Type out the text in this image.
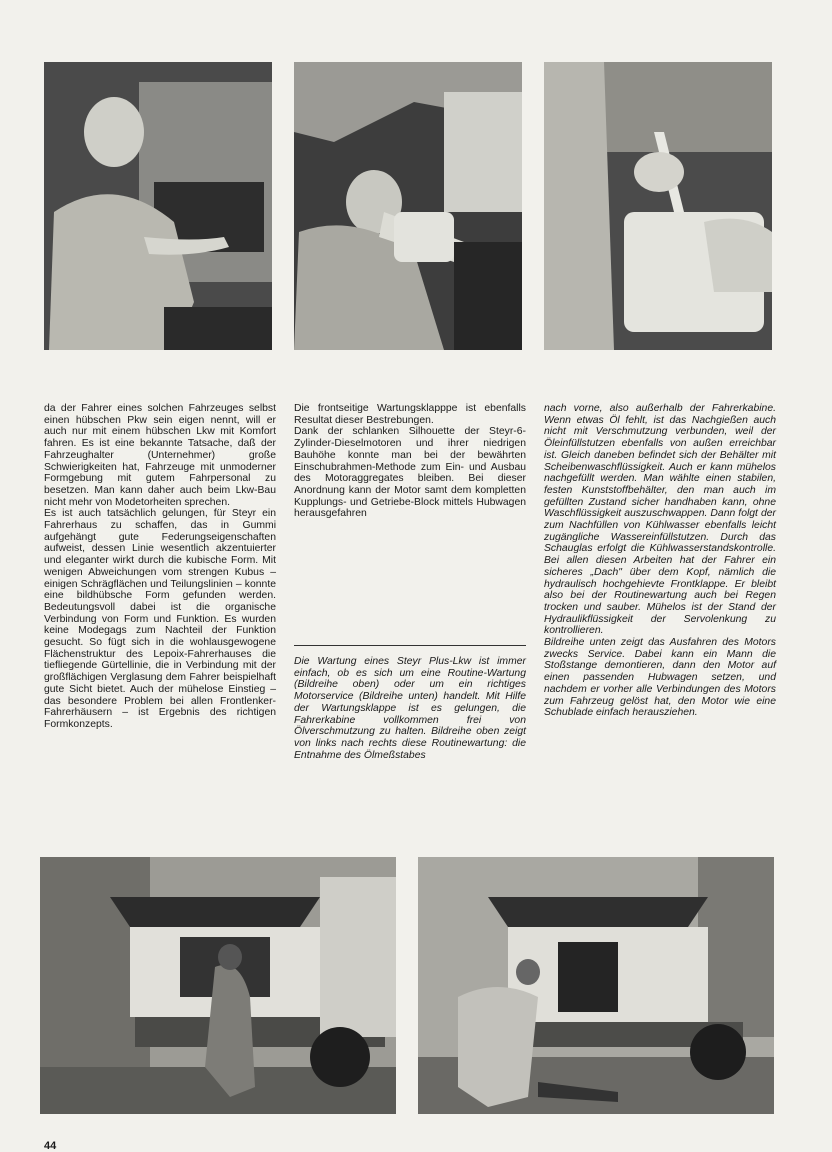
da der Fahrer eines solchen Fahrzeuges selbst einen hübschen Pkw sein eigen nennt, will er auch nur mit einem hübschen Lkw mit Komfort fahren. Es ist eine bekannte Tatsache, daß der Fahrzeughalter (Unternehmer) große Schwierigkeiten hat, Fahrzeuge mit unmoderner Formgebung mit gutem Fahrpersonal zu besetzen. Man kann daher auch beim Lkw-Bau nicht mehr von Modetorheiten sprechen.

Es ist auch tatsächlich gelungen, für Steyr ein Fahrerhaus zu schaffen, das in Gummi aufgehängt gute Federungseigenschaften aufweist, dessen Linie wesentlich akzentuierter und eleganter wirkt durch die kubische Form. Mit wenigen Abweichungen vom strengen Kubus – einigen Schrägflächen und Teilungslinien – konnte eine bildhübsche Form gefunden werden. Bedeutungsvoll dabei ist die organische Verbindung von Form und Funktion. Es wurden keine Modegags zum Nachteil der Funktion gesucht. So fügt sich in die wohlausgewogene Flächenstruktur des Lepoix-Fahrerhauses die tiefliegende Gürtellinie, die in Verbindung mit der großflächigen Verglasung dem Fahrer beispielhaft gute Sicht bietet. Auch der mühelose Einstieg – das besondere Problem bei allen Frontlenker-Fahrerhäusern – ist Ergebnis des richtigen Formkonzepts.

Die frontseitige Wartungsklapppe ist ebenfalls Resultat dieser Bestrebungen.

Dank der schlanken Silhouette der Steyr-6-Zylinder-Dieselmotoren und ihrer niedrigen Bauhöhe konnte man bei der bewährten Einschubrahmen-Methode zum Ein- und Ausbau des Motoraggregates bleiben. Bei dieser Anordnung kann der Motor samt dem kompletten Kupplungs- und Getriebe-Block mittels Hubwagen herausgefahren

Die Wartung eines Steyr Plus-Lkw ist immer einfach, ob es sich um eine Routine-Wartung (Bildreihe oben) oder um ein richtiges Motorservice (Bildreihe unten) handelt. Mit Hilfe der Wartungsklappe ist es gelungen, die Fahrerkabine vollkommen frei von Ölverschmutzung zu halten. Bildreihe oben zeigt von links nach rechts diese Routinewartung: die Entnahme des Ölmeßstabes

nach vorne, also außerhalb der Fahrerkabine. Wenn etwas Öl fehlt, ist das Nachgießen auch nicht mit Verschmutzung verbunden, weil der Öleinfüllstutzen ebenfalls von außen erreichbar ist. Gleich daneben befindet sich der Behälter mit Scheibenwaschflüssigkeit. Auch er kann mühelos nachgefüllt werden. Man wählte einen stabilen, festen Kunststoffbehälter, den man auch im gefüllten Zustand sicher handhaben kann, ohne Waschflüssigkeit auszuschwappen. Dann folgt der zum Nachfüllen von Kühlwasser ebenfalls leicht zugängliche Wassereinfüllstutzen. Durch das Schauglas erfolgt die Kühlwasserstandskontrolle. Bei allen diesen Arbeiten hat der Fahrer ein sicheres „Dach" über dem Kopf, nämlich die hydraulisch hochgehievte Frontklappe. Er bleibt also bei der Routinewartung auch bei Regen trocken und sauber. Mühelos ist der Stand der Hydraulikflüssigkeit der Servolenkung zu kontrollieren.

Bildreihe unten zeigt das Ausfahren des Motors zwecks Service. Dabei kann ein Mann die Stoßstange demontieren, dann den Motor auf einen passenden Hubwagen setzen, und nachdem er vorher alle Verbindungen des Motors zum Fahrzeug gelöst hat, den Motor wie eine Schublade einfach herausziehen.

44
